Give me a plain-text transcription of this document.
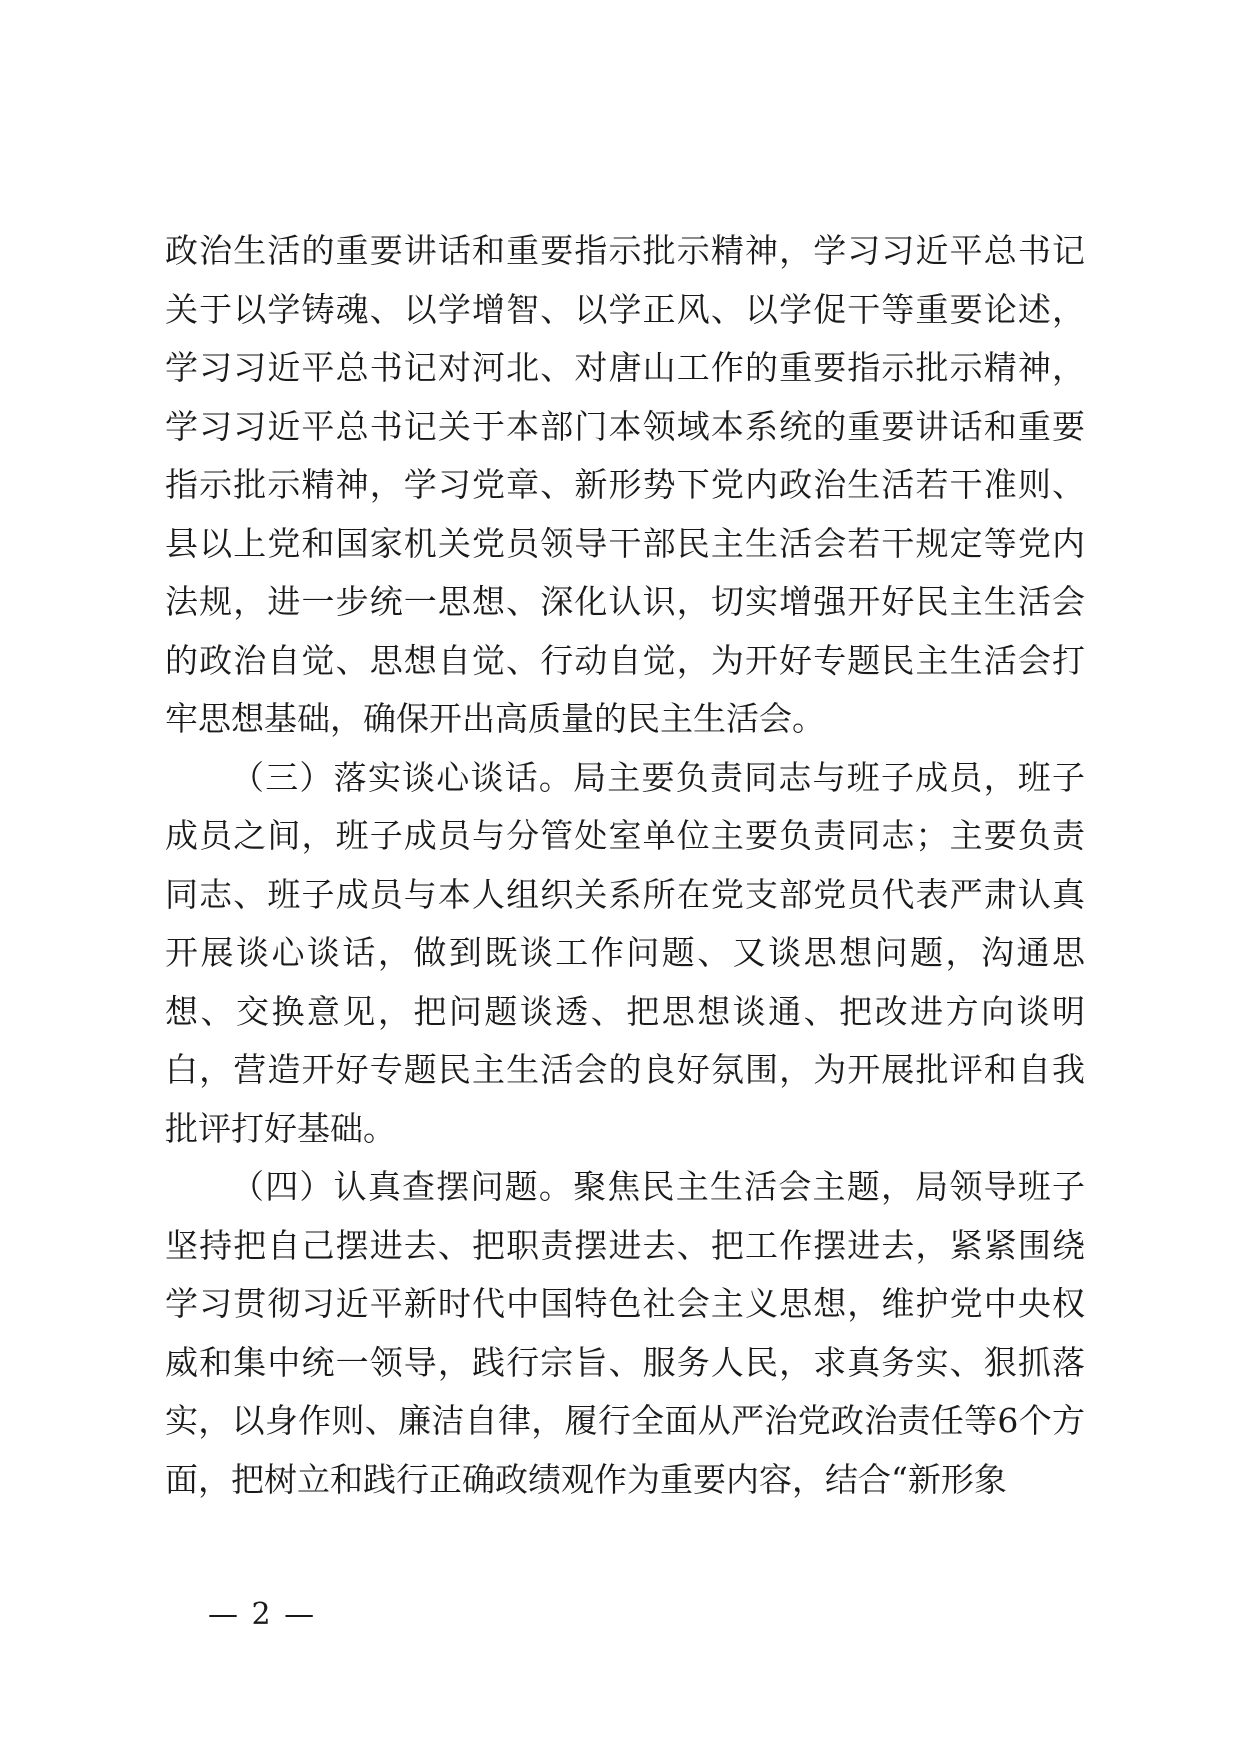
政治生活的重要讲话和重要指示批示精神，学习习近平总书记关于以学铸魂、以学增智、以学正风、以学促干等重要论述，学习习近平总书记对河北、对唐山工作的重要指示批示精神，学习习近平总书记关于本部门本领域本系统的重要讲话和重要指示批示精神，学习党章、新形势下党内政治生活若干准则、县以上党和国家机关党员领导干部民主生活会若干规定等党内法规，进一步统一思想、深化认识，切实增强开好民主生活会的政治自觉、思想自觉、行动自觉，为开好专题民主生活会打牢思想基础，确保开出高质量的民主生活会。

（三）落实谈心谈话。局主要负责同志与班子成员，班子成员之间，班子成员与分管处室单位主要负责同志；主要负责同志、班子成员与本人组织关系所在党支部党员代表严肃认真开展谈心谈话，做到既谈工作问题、又谈思想问题，沟通思想、交换意见，把问题谈透、把思想谈通、把改进方向谈明白，营造开好专题民主生活会的良好氛围，为开展批评和自我批评打好基础。

（四）认真查摆问题。聚焦民主生活会主题，局领导班子坚持把自己摆进去、把职责摆进去、把工作摆进去，紧紧围绕学习贯彻习近平新时代中国特色社会主义思想，维护党中央权威和集中统一领导，践行宗旨、服务人民，求真务实、狠抓落实，以身作则、廉洁自律，履行全面从严治党政治责任等6个方面，把树立和践行正确政绩观作为重要内容，结合“新形象

— 2 —
